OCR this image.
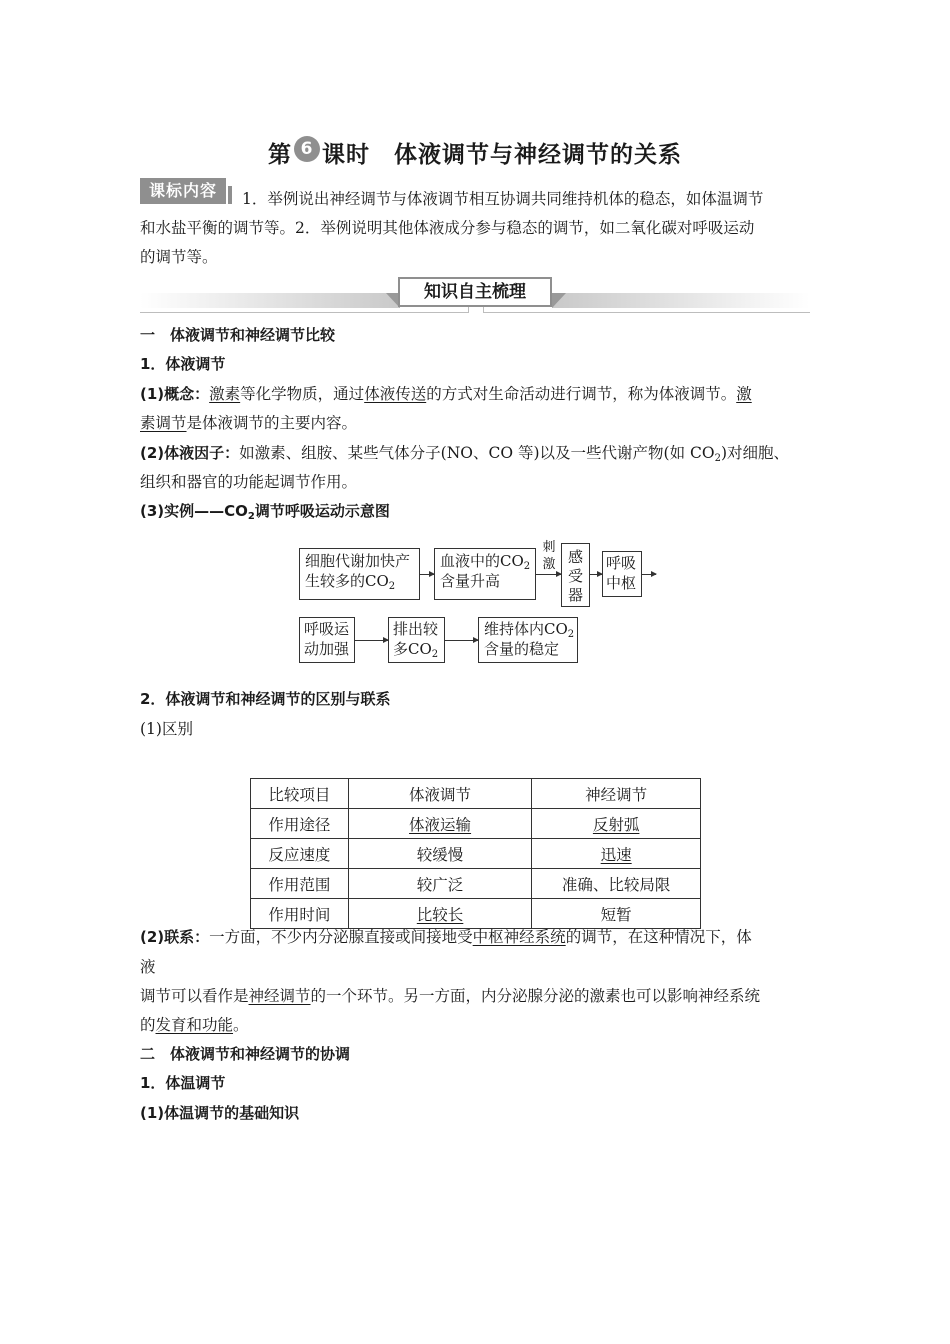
第 6 课时 体液调节与神经调节的关系
课标内容	1．举例说出神经调节与体液调节相互协调共同维持机体的稳态，如体温调节
和水盐平衡的调节等。2．举例说明其他体液成分参与稳态的调节，如二氧化碳对呼吸运动
的调节等。
知识自主梳理
一　体液调节和神经调节比较
1．体液调节
(1)概念：激素等化学物质，通过体液传送的方式对生命活动进行调节，称为体液调节。激
素调节是体液调节的主要内容。
(2)体液因子：如激素、组胺、某些气体分子(NO、CO 等)以及一些代谢产物(如 $CO_2$)对细胞、
组织和器官的功能起调节作用。
(3)实例$——CO_2$调节呼吸运动示意图
细胞代谢加快产
生较多的$CO_2$
血液中的$CO_2$
含量升高
刺
激 感
受
器
呼吸
中枢
呼吸运
动加强
排出较
多$CO_2$
维持体内$CO_2$
含量的稳定
2．体液调节和神经调节的区别与联系
(1)区别
比较项目	体液调节	神经调节
作用途径	体液运输	反射弧
反应速度	较缓慢	迅速
作用范围	较广泛	准确、比较局限
作用时间	比较长	短暂
(2)联系：一方面，不少内分泌腺直接或间接地受中枢神经系统的调节，在这种情况下，体
液
调节可以看作是神经调节的一个环节。另一方面，内分泌腺分泌的激素也可以影响神经系统
的发育和功能。
二　体液调节和神经调节的协调
1．体温调节
(1)体温调节的基础知识
